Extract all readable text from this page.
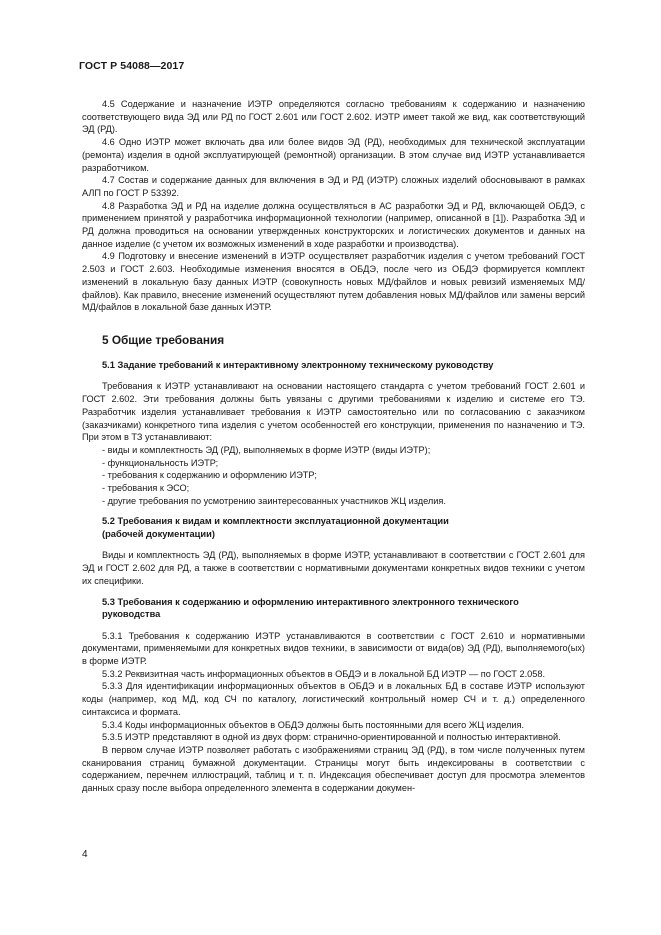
ГОСТ Р 54088—2017

4.5 Содержание и назначение ИЭТР определяются согласно требованиям к содержанию и назначению соответствующего вида ЭД или РД по ГОСТ 2.601 или ГОСТ 2.602. ИЭТР имеет такой же вид, как соответствующий ЭД (РД).

4.6 Одно ИЭТР может включать два или более видов ЭД (РД), необходимых для технической эксплуатации (ремонта) изделия в одной эксплуатирующей (ремонтной) организации. В этом случае вид ИЭТР устанавливается разработчиком.

4.7 Состав и содержание данных для включения в ЭД и РД (ИЭТР) сложных изделий обосновывают в рамках АЛП по ГОСТ Р 53392.

4.8 Разработка ЭД и РД на изделие должна осуществляться в АС разработки ЭД и РД, включающей ОБДЭ, с применением принятой у разработчика информационной технологии (например, описанной в [1]). Разработка ЭД и РД должна проводиться на основании утвержденных конструкторских и логистических документов и данных на данное изделие (с учетом их возможных изменений в ходе разработки и производства).

4.9 Подготовку и внесение изменений в ИЭТР осуществляет разработчик изделия с учетом требований ГОСТ 2.503 и ГОСТ 2.603. Необходимые изменения вносятся в ОБДЭ, после чего из ОБДЭ формируется комплект изменений в локальную базу данных ИЭТР (совокупность новых МД/файлов и новых ревизий изменяемых МД/файлов). Как правило, внесение изменений осуществляют путем добавления новых МД/файлов или замены версий МД/файлов в локальной базе данных ИЭТР.

5 Общие требования
5.1 Задание требований к интерактивному электронному техническому руководству

Требования к ИЭТР устанавливают на основании настоящего стандарта с учетом требований ГОСТ 2.601 и ГОСТ 2.602. Эти требования должны быть увязаны с другими требованиями к изделию и системе его ТЭ. Разработчик изделия устанавливает требования к ИЭТР самостоятельно или по согласованию с заказчиком (заказчиками) конкретного типа изделия с учетом особенностей его конструкции, применения по назначению и ТЭ. При этом в ТЗ устанавливают:

- виды и комплектность ЭД (РД), выполняемых в форме ИЭТР (виды ИЭТР);

- функциональность ИЭТР;

- требования к содержанию и оформлению ИЭТР;

- требования к ЭСО;

- другие требования по усмотрению заинтересованных участников ЖЦ изделия.

5.2 Требования к видам и комплектности эксплуатационной документации
(рабочей документации)

Виды и комплектность ЭД (РД), выполняемых в форме ИЭТР, устанавливают в соответствии с ГОСТ 2.601 для ЭД и ГОСТ 2.602 для РД, а также в соответствии с нормативными документами конкретных видов техники с учетом их специфики.

5.3 Требования к содержанию и оформлению интерактивного электронного технического
руководства

5.3.1 Требования к содержанию ИЭТР устанавливаются в соответствии с ГОСТ 2.610 и нормативными документами, применяемыми для конкретных видов техники, в зависимости от вида(ов) ЭД (РД), выполняемого(ых) в форме ИЭТР.

5.3.2 Реквизитная часть информационных объектов в ОБДЭ и в локальной БД ИЭТР — по ГОСТ 2.058.

5.3.3 Для идентификации информационных объектов в ОБДЭ и в локальных БД в составе ИЭТР используют коды (например, код МД, код СЧ по каталогу, логистический контрольный номер СЧ и т. д.) определенного синтаксиса и формата.

5.3.4 Коды информационных объектов в ОБДЭ должны быть постоянными для всего ЖЦ изделия.

5.3.5 ИЭТР представляют в одной из двух форм: странично-ориентированной и полностью интерактивной.

В первом случае ИЭТР позволяет работать с изображениями страниц ЭД (РД), в том числе полученных путем сканирования страниц бумажной документации. Страницы могут быть индексированы в соответствии с содержанием, перечнем иллюстраций, таблиц и т. п. Индексация обеспечивает доступ для просмотра элементов данных сразу после выбора определенного элемента в содержании докумен-

4
